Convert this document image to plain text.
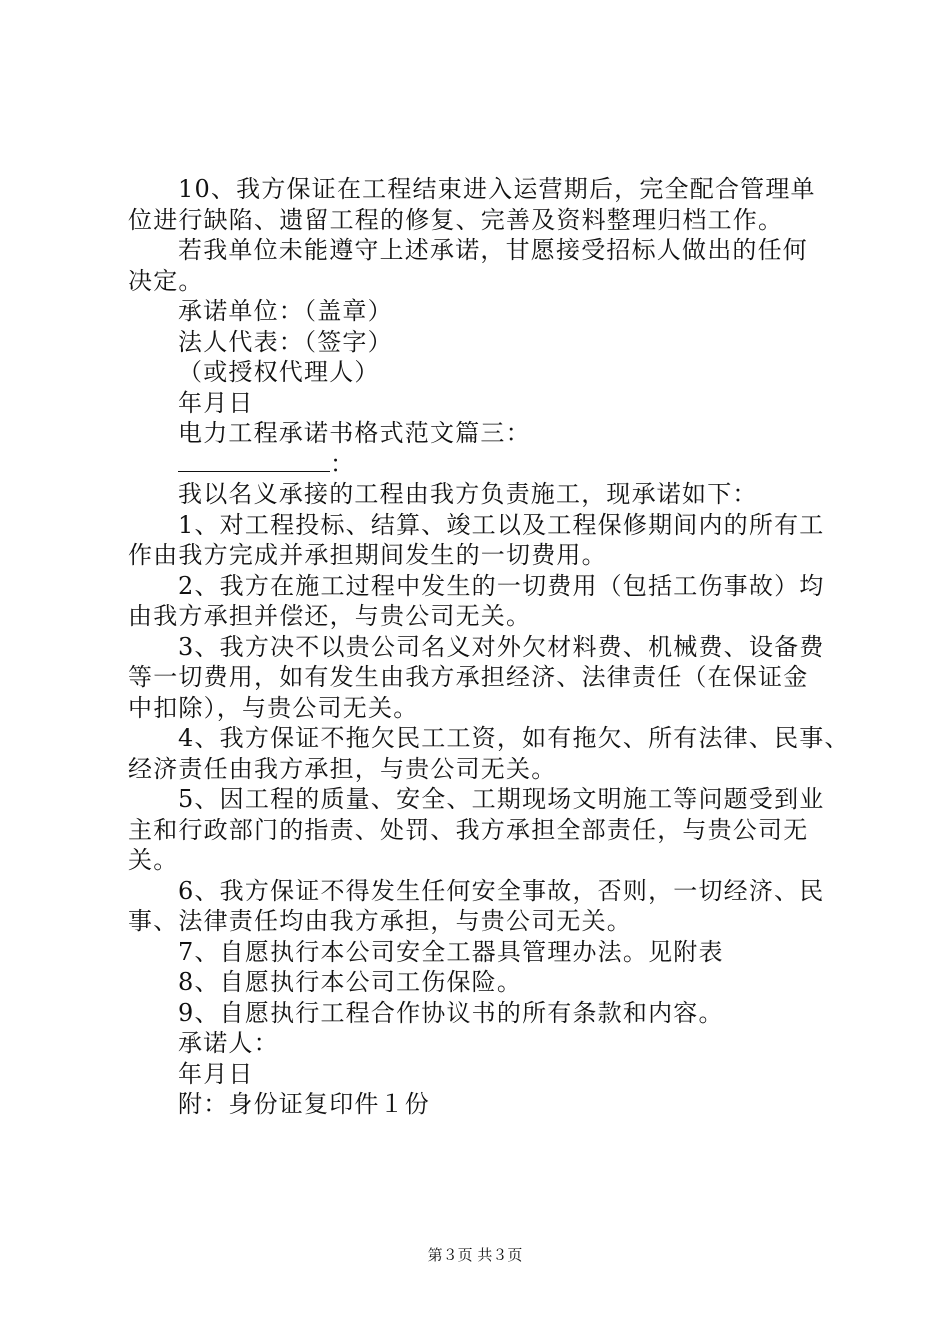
10、我方保证在工程结束进入运营期后，完全配合管理单
位进行缺陷、遗留工程的修复、完善及资料整理归档工作。
若我单位未能遵守上述承诺，甘愿接受招标人做出的任何
决定。
承诺单位：（盖章）
法人代表：（签字）
（或授权代理人）
年月日
电力工程承诺书格式范文篇三：
：
我以名义承接的工程由我方负责施工，现承诺如下：
1、对工程投标、结算、竣工以及工程保修期间内的所有工
作由我方完成并承担期间发生的一切费用。
2、我方在施工过程中发生的一切费用（包括工伤事故）均
由我方承担并偿还，与贵公司无关。
3、我方决不以贵公司名义对外欠材料费、机械费、设备费
等一切费用，如有发生由我方承担经济、法律责任（在保证金
中扣除），与贵公司无关。
4、我方保证不拖欠民工工资，如有拖欠、所有法律、民事、
经济责任由我方承担，与贵公司无关。
5、因工程的质量、安全、工期现场文明施工等问题受到业
主和行政部门的指责、处罚、我方承担全部责任，与贵公司无
关。
6、我方保证不得发生任何安全事故，否则，一切经济、民
事、法律责任均由我方承担，与贵公司无关。
7、自愿执行本公司安全工器具管理办法。见附表
8、自愿执行本公司工伤保险。
9、自愿执行工程合作协议书的所有条款和内容。
承诺人：
年月日
附：身份证复印件１份
第３页 共３页
